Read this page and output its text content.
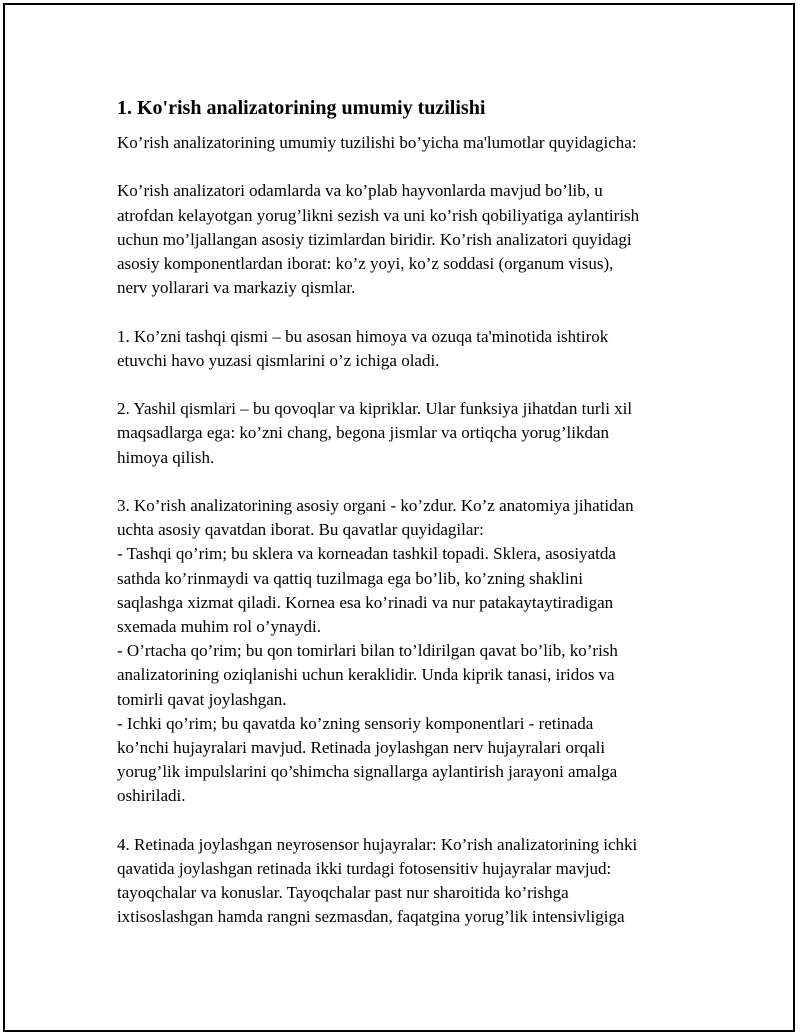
1. Ko'rish analizatorining umumiy tuzilishi

Ko’rish analizatorining umumiy tuzilishi bo’yicha ma'lumotlar quyidagicha:

Ko’rish analizatori odamlarda va ko’plab hayvonlarda mavjud bo’lib, u
atrofdan kelayotgan yorug’likni sezish va uni ko’rish qobiliyatiga aylantirish
uchun mo’ljallangan asosiy tizimlardan biridir. Ko’rish analizatori quyidagi
asosiy komponentlardan iborat: ko’z yoyi, ko’z soddasi (organum visus),
nerv yollarari va markaziy qismlar.

1. Ko’zni tashqi qismi – bu asosan himoya va ozuqa ta'minotida ishtirok
etuvchi havo yuzasi qismlarini o’z ichiga oladi.

2. Yashil qismlari – bu qovoqlar va kipriklar. Ular funksiya jihatdan turli xil
maqsadlarga ega: ko’zni chang, begona jismlar va ortiqcha yorug’likdan
himoya qilish.

3. Ko’rish analizatorining asosiy organi - ko’zdur. Ko’z anatomiya jihatidan
uchta asosiy qavatdan iborat. Bu qavatlar quyidagilar:
- Tashqi qo’rim; bu sklera va korneadan tashkil topadi. Sklera, asosiyatda
sathda ko’rinmaydi va qattiq tuzilmaga ega bo’lib, ko’zning shaklini
saqlashga xizmat qiladi. Kornea esa ko’rinadi va nur patakaytaytiradigan
sxemada muhim rol o’ynaydi.
- O’rtacha qo’rim; bu qon tomirlari bilan to’ldirilgan qavat bo’lib, ko’rish
analizatorining oziqlanishi uchun keraklidir. Unda kiprik tanasi, iridos va
tomirli qavat joylashgan.
- Ichki qo’rim; bu qavatda ko’zning sensoriy komponentlari - retinada
ko’nchi hujayralari mavjud. Retinada joylashgan nerv hujayralari orqali
yorug’lik impulslarini qo’shimcha signallarga aylantirish jarayoni amalga
oshiriladi.

4. Retinada joylashgan neyrosensor hujayralar: Ko’rish analizatorining ichki
qavatida joylashgan retinada ikki turdagi fotosensitiv hujayralar mavjud:
tayoqchalar va konuslar. Tayoqchalar past nur sharoitida ko’rishga
ixtisoslashgan hamda rangni sezmasdan, faqatgina yorug’lik intensivligiga
